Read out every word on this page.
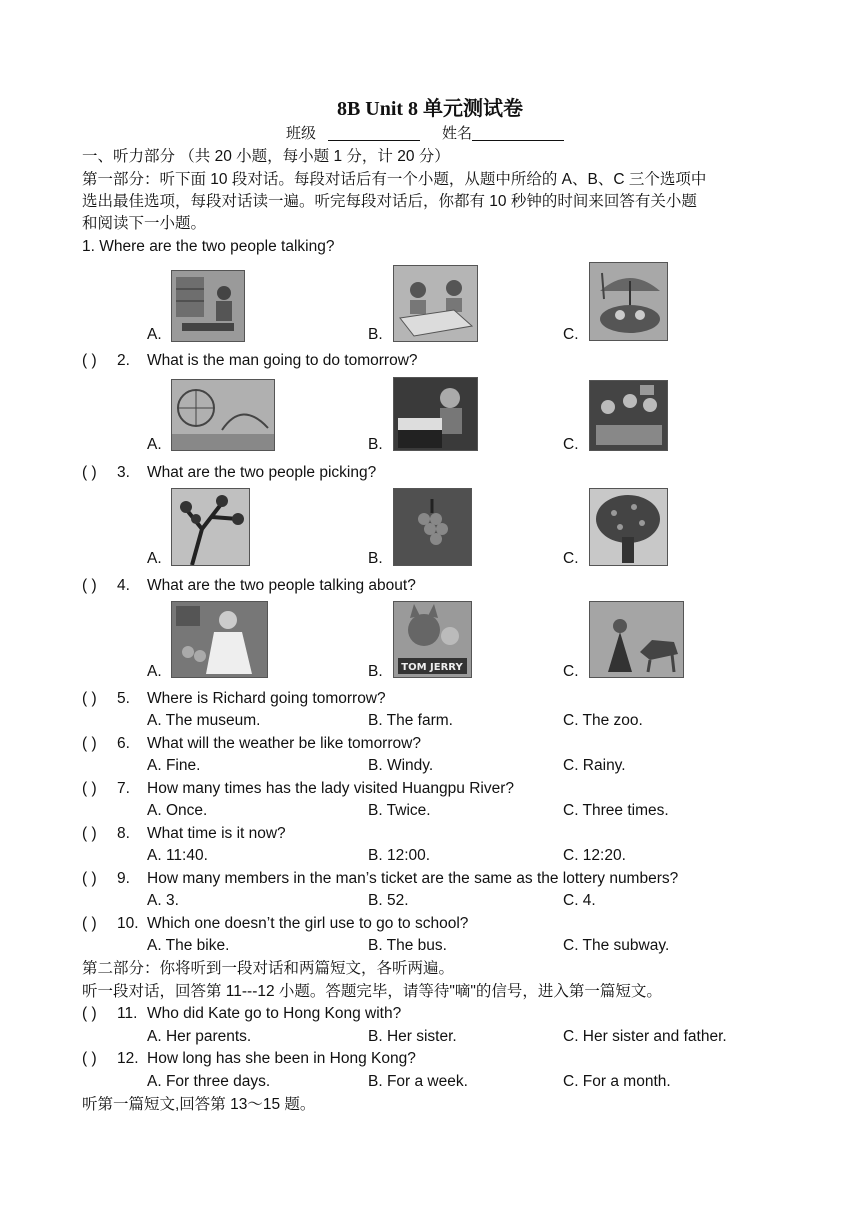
8B Unit 8 单元测试卷
班级	姓名
一、听力部分 （共 20 小题，每小题 1 分，计 20 分）
第一部分：听下面 10 段对话。每段对话后有一个小题，从题中所给的 A、B、C 三个选项中
选出最佳选项，每段对话读一遍。听完每段对话后，你都有 10 秒钟的时间来回答有关小题
和阅读下一小题。
1. Where are the two people talking?
A.	B.	C.
( ) 2. What is the man going to do tomorrow?
A.	B.	C.
( ) 3. What are the two people picking?
A.	B.	C.
( ) 4. What are the two people talking about?
A.	B. TOM JERRY	C.
( ) 5. Where is Richard going tomorrow?
A. The museum.	B. The farm.	C. The zoo.
( ) 6. What will the weather be like tomorrow?
A. Fine.	B. Windy.	C. Rainy.
( ) 7. How many times has the lady visited Huangpu River?
A. Once.	B. Twice.	C. Three times.
( ) 8. What time is it now?
A. 11:40.	B. 12:00.	C. 12:20.
( ) 9. How many members in the man’s ticket are the same as the lottery numbers?
A. 3.	B. 52.	C. 4.
( ) 10. Which one doesn’t the girl use to go to school?
A. The bike.	B. The bus.	C. The subway.
第二部分：你将听到一段对话和两篇短文，各听两遍。
听一段对话，回答第 11---12 小题。答题完毕，请等待"嘀"的信号，进入第一篇短文。
( ) 11. Who did Kate go to Hong Kong with?
A. Her parents.	B. Her sister.	C. Her sister and father.
( ) 12. How long has she been in Hong Kong?
A. For three days.	B. For a week.	C. For a month.
听第一篇短文,回答第 13～15 题。
